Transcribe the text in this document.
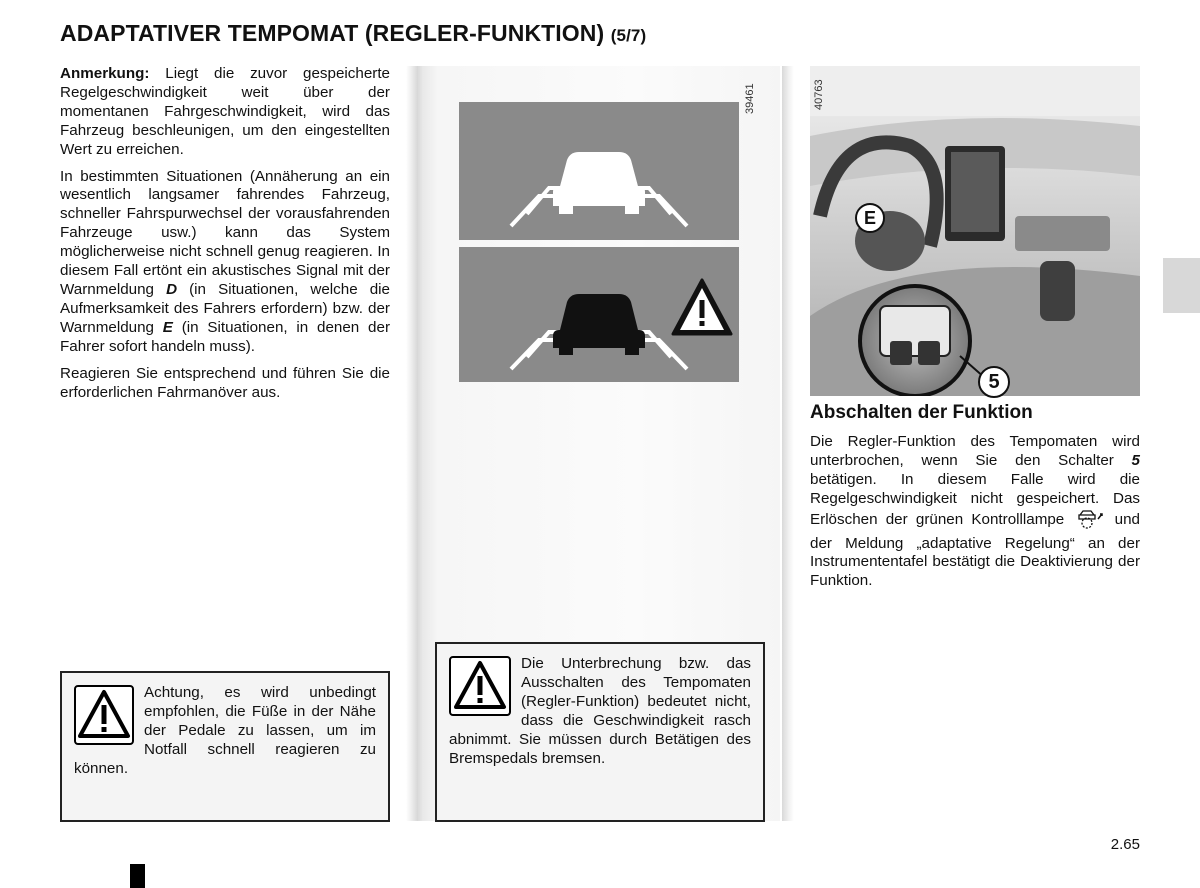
ADAPTATIVER TEMPOMAT (REGLER-FUNKTION) (5/7)

Anmerkung: Liegt die zuvor gespeicherte Regelgeschwindigkeit weit über der momentanen Fahrgeschwindigkeit, wird das Fahrzeug beschleunigen, um den eingestellten Wert zu erreichen.

In bestimmten Situationen (Annäherung an ein wesentlich langsamer fahrendes Fahrzeug, schneller Fahrspurwechsel der vorausfahrenden Fahrzeuge usw.) kann das System möglicherweise nicht schnell genug reagieren. In diesem Fall ertönt ein akustisches Signal mit der Warnmeldung D (in Situationen, welche die Aufmerksamkeit des Fahrers erfordern) bzw. der Warnmeldung E (in Situationen, in denen der Fahrer sofort handeln muss).

Reagieren Sie entsprechend und führen Sie die erforderlichen Fahrmanöver aus.

Achtung, es wird unbedingt empfohlen, die Füße in der Nähe der Pedale zu lassen, um im Notfall schnell reagieren zu können.
39461
Die Unterbrechung bzw. das Ausschalten des Tempomaten (Regler-Funktion) bedeutet nicht, dass die Geschwindigkeit rasch abnimmt. Sie müssen durch Betätigen des Bremspedals bremsen.
40763
E
5
Abschalten der Funktion

Die Regler-Funktion des Tempomaten wird unterbrochen, wenn Sie den Schalter 5 betätigen. In diesem Falle wird die Regelgeschwindigkeit nicht gespeichert. Das Erlöschen der grünen Kontrolllampe  und der Meldung „adaptative Regelung“ an der Instrumententafel bestätigt die Deaktivierung der Funktion.

2.65
